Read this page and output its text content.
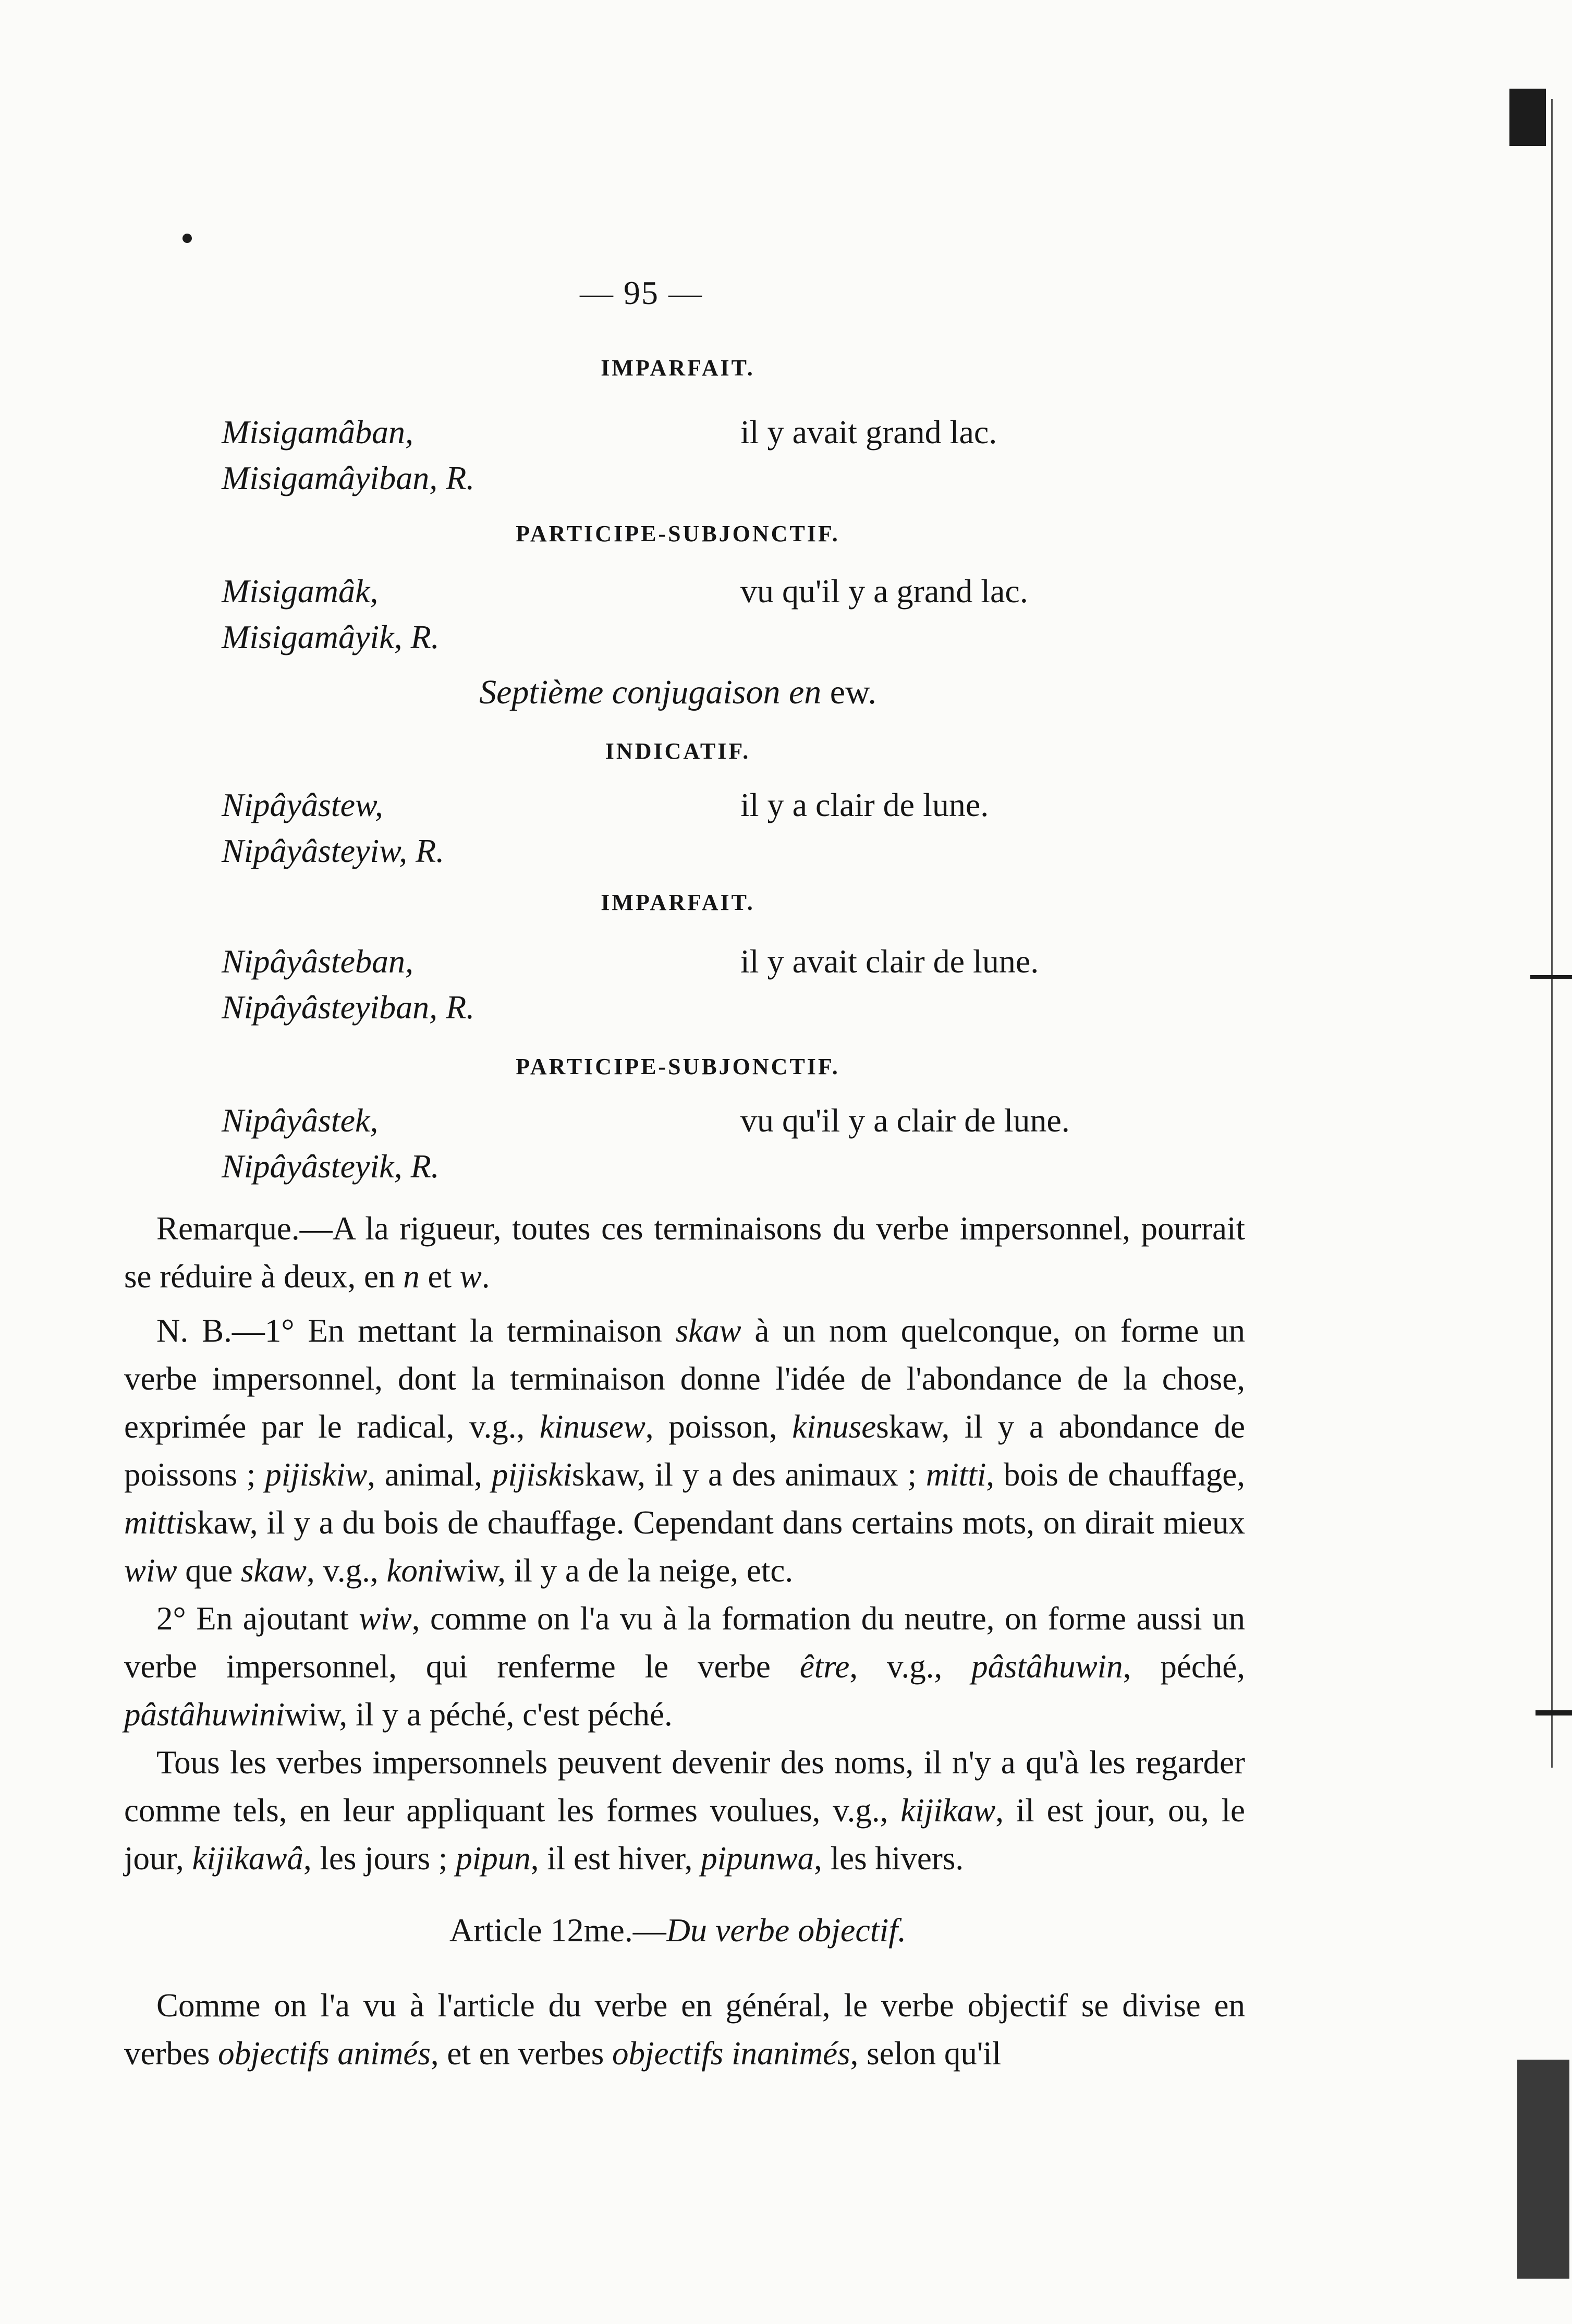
— 95 —
IMPARFAIT.
Misigamâban,
Misigamâyiban, R.
il y avait grand lac.
PARTICIPE-SUBJONCTIF.
Misigamâk,
Misigamâyik, R.
vu qu'il y a grand lac.
Septième conjugaison en ew.
INDICATIF.
Nipâyâstew,
Nipâyâsteyiw, R.
il y a clair de lune.
IMPARFAIT.
Nipâyâsteban,
Nipâyâsteyiban, R.
il y avait clair de lune.
PARTICIPE-SUBJONCTIF.
Nipâyâstek,
Nipâyâsteyik, R.
vu qu'il y a clair de lune.

Remarque.—A la rigueur, toutes ces terminaisons du verbe impersonnel, pourrait se réduire à deux, en n et w.

N. B.—1° En mettant la terminaison skaw à un nom quelconque, on forme un verbe impersonnel, dont la terminaison donne l'idée de l'abondance de la chose, exprimée par le radical, v.g., kinusew, poisson, kinuseskaw, il y a abondance de poissons ; pijiskiw, animal, pijiskiskaw, il y a des animaux ; mitti, bois de chauffage, mittiskaw, il y a du bois de chauffage. Cependant dans certains mots, on dirait mieux wiw que skaw, v.g., koniwiw, il y a de la neige, etc.

2° En ajoutant wiw, comme on l'a vu à la formation du neutre, on forme aussi un verbe impersonnel, qui renferme le verbe être, v.g., pâstâhuwin, péché, pâstâhuwiniwiw, il y a péché, c'est péché.

Tous les verbes impersonnels peuvent devenir des noms, il n'y a qu'à les regarder comme tels, en leur appliquant les formes voulues, v.g., kijikaw, il est jour, ou, le jour, kijikawâ, les jours ; pipun, il est hiver, pipunwa, les hivers.

Article 12me.—Du verbe objectif.

Comme on l'a vu à l'article du verbe en général, le verbe objectif se divise en verbes objectifs animés, et en verbes objectifs inanimés, selon qu'il
